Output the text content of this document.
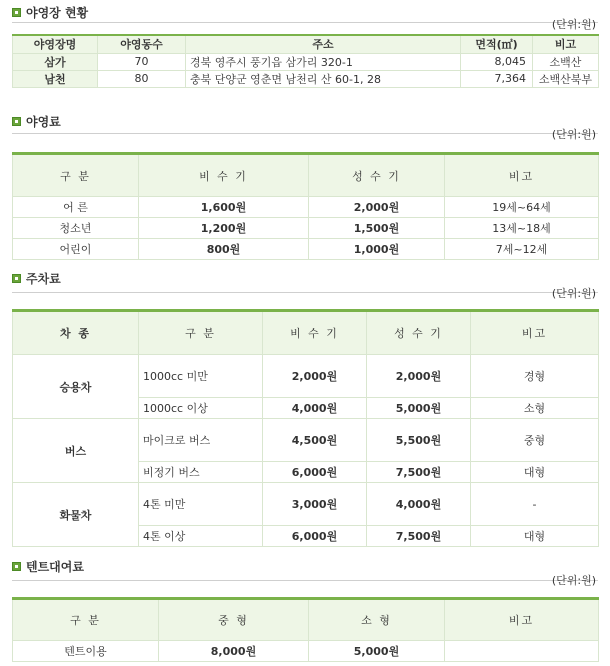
야영장 현황
(단위:원)
야영장명	야영동수	주소	면적(㎡)	비고
삼가	70	경북 영주시 풍기읍 삼가리 320-1	8,045	소백산
남천	80	충북 단양군 영춘면 남천리 산 60-1, 28	7,364	소백산북부
야영료
(단위:원)
구 분	비 수 기	성 수 기	비고
어 른	1,600원	2,000원	19세~64세
청소년	1,200원	1,500원	13세~18세
어린이	800원	1,000원	7세~12세
주차료
(단위:원)
차 종	구 분	비 수 기	성 수 기	비고
승용차	1000cc 미만	2,000원	2,000원	경형
	1000cc 이상	4,000원	5,000원	소형
버스	마이크로 버스	4,500원	5,500원	중형
	비정기 버스	6,000원	7,500원	대형
화물차	4톤 미만	3,000원	4,000원	-
	4톤 이상	6,000원	7,500원	대형
텐트대여료
(단위:원)
구 분	중 형	소 형	비고
텐트이용	8,000원	5,000원	
